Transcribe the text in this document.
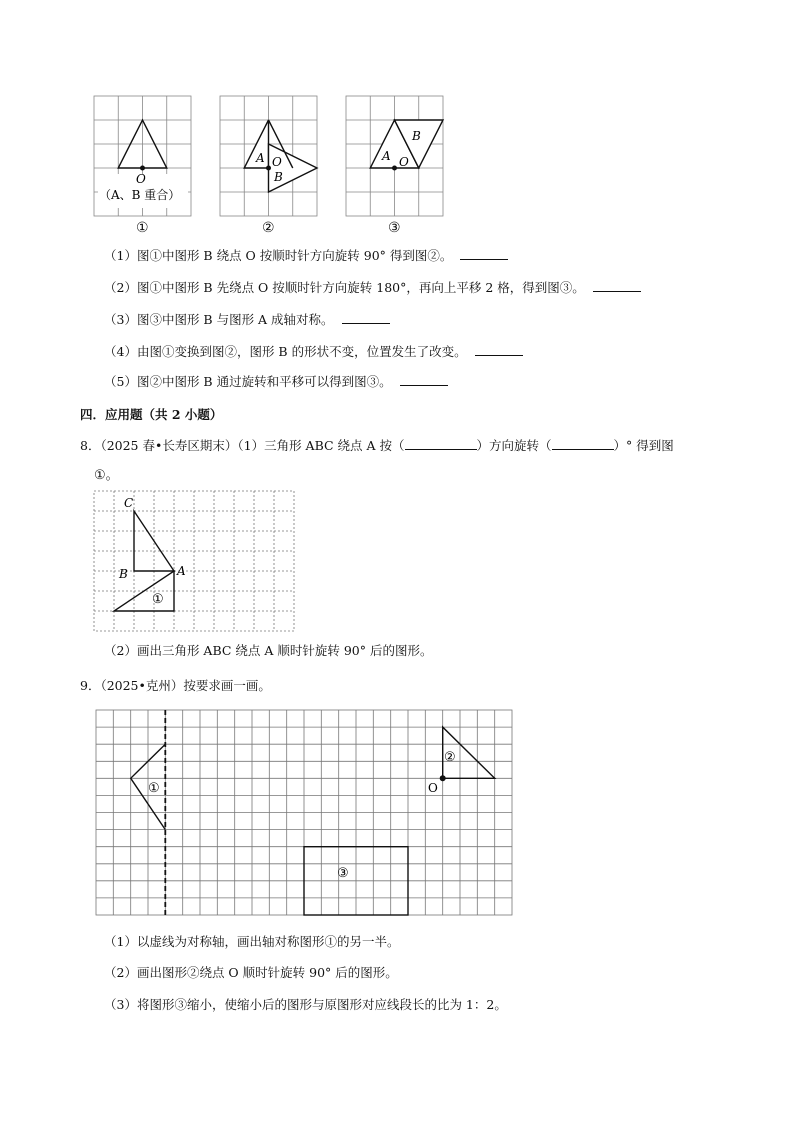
O
（A、B 重合）
①
A O
B
②
A O
B
③
（1）图①中图形 B 绕点 O 按顺时针方向旋转 90° 得到图②。
（2）图①中图形 B 先绕点 O 按顺时针方向旋转 180°，再向上平移 2 格，得到图③。
（3）图③中图形 B 与图形 A 成轴对称。
（4）由图①变换到图②，图形 B 的形状不变，位置发生了改变。
（5）图②中图形 B 通过旋转和平移可以得到图③。
四．应用题（共 2 小题）
8．（2025 春•长寿区期末）（1）三角形 ABC 绕点 A 按（	）方向旋转（	）° 得到图
①。
C
B	A
①
（2）画出三角形 ABC 绕点 A 顺时针旋转 90° 后的图形。
9．（2025•克州）按要求画一画。
①
②
O
③
（1）以虚线为对称轴，画出轴对称图形①的另一半。
（2）画出图形②绕点 O 顺时针旋转 90° 后的图形。
（3）将图形③缩小，使缩小后的图形与原图形对应线段长的比为 1：2。
